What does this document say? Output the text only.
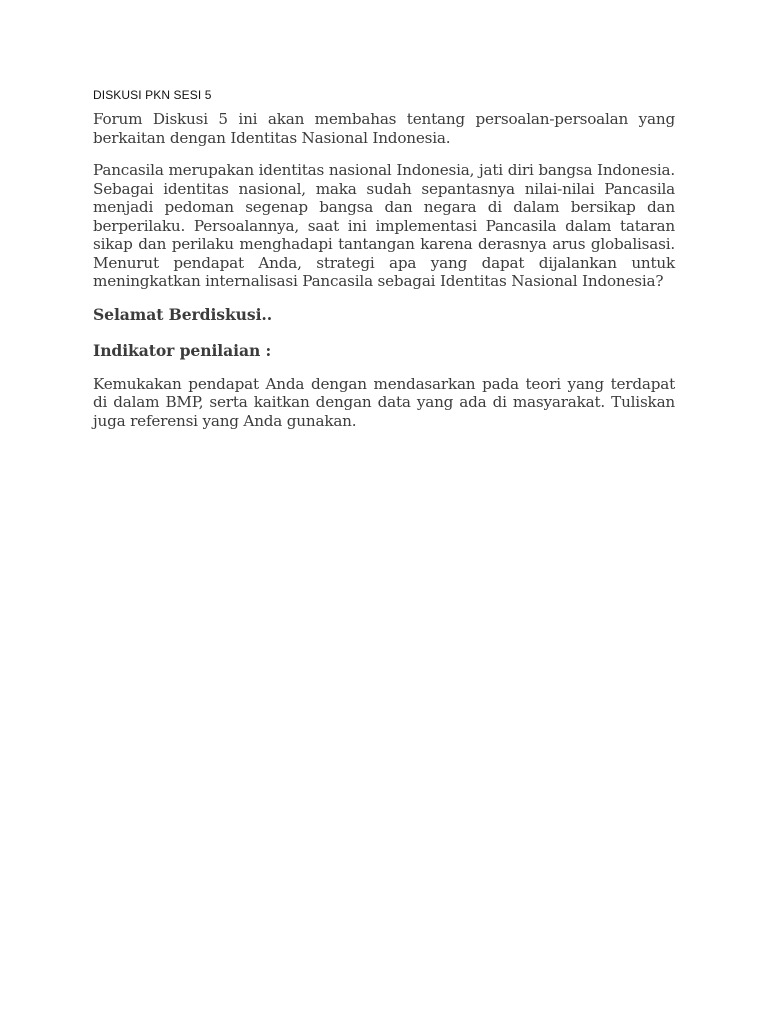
DISKUSI PKN SESI 5

Forum Diskusi 5 ini akan membahas tentang persoalan-persoalan yang berkaitan dengan Identitas Nasional Indonesia.

Pancasila merupakan identitas nasional Indonesia, jati diri bangsa Indonesia. Sebagai identitas nasional, maka sudah sepantasnya nilai-nilai Pancasila menjadi pedoman segenap bangsa dan negara di dalam bersikap dan berperilaku. Persoalannya, saat ini implementasi Pancasila dalam tataran sikap dan perilaku menghadapi tantangan karena derasnya arus globalisasi. Menurut pendapat Anda, strategi apa yang dapat dijalankan untuk meningkatkan internalisasi Pancasila sebagai Identitas Nasional Indonesia?

Selamat Berdiskusi..

Indikator penilaian :

Kemukakan pendapat Anda dengan mendasarkan pada teori yang terdapat di dalam BMP, serta kaitkan dengan data yang ada di masyarakat. Tuliskan juga referensi yang Anda gunakan.
